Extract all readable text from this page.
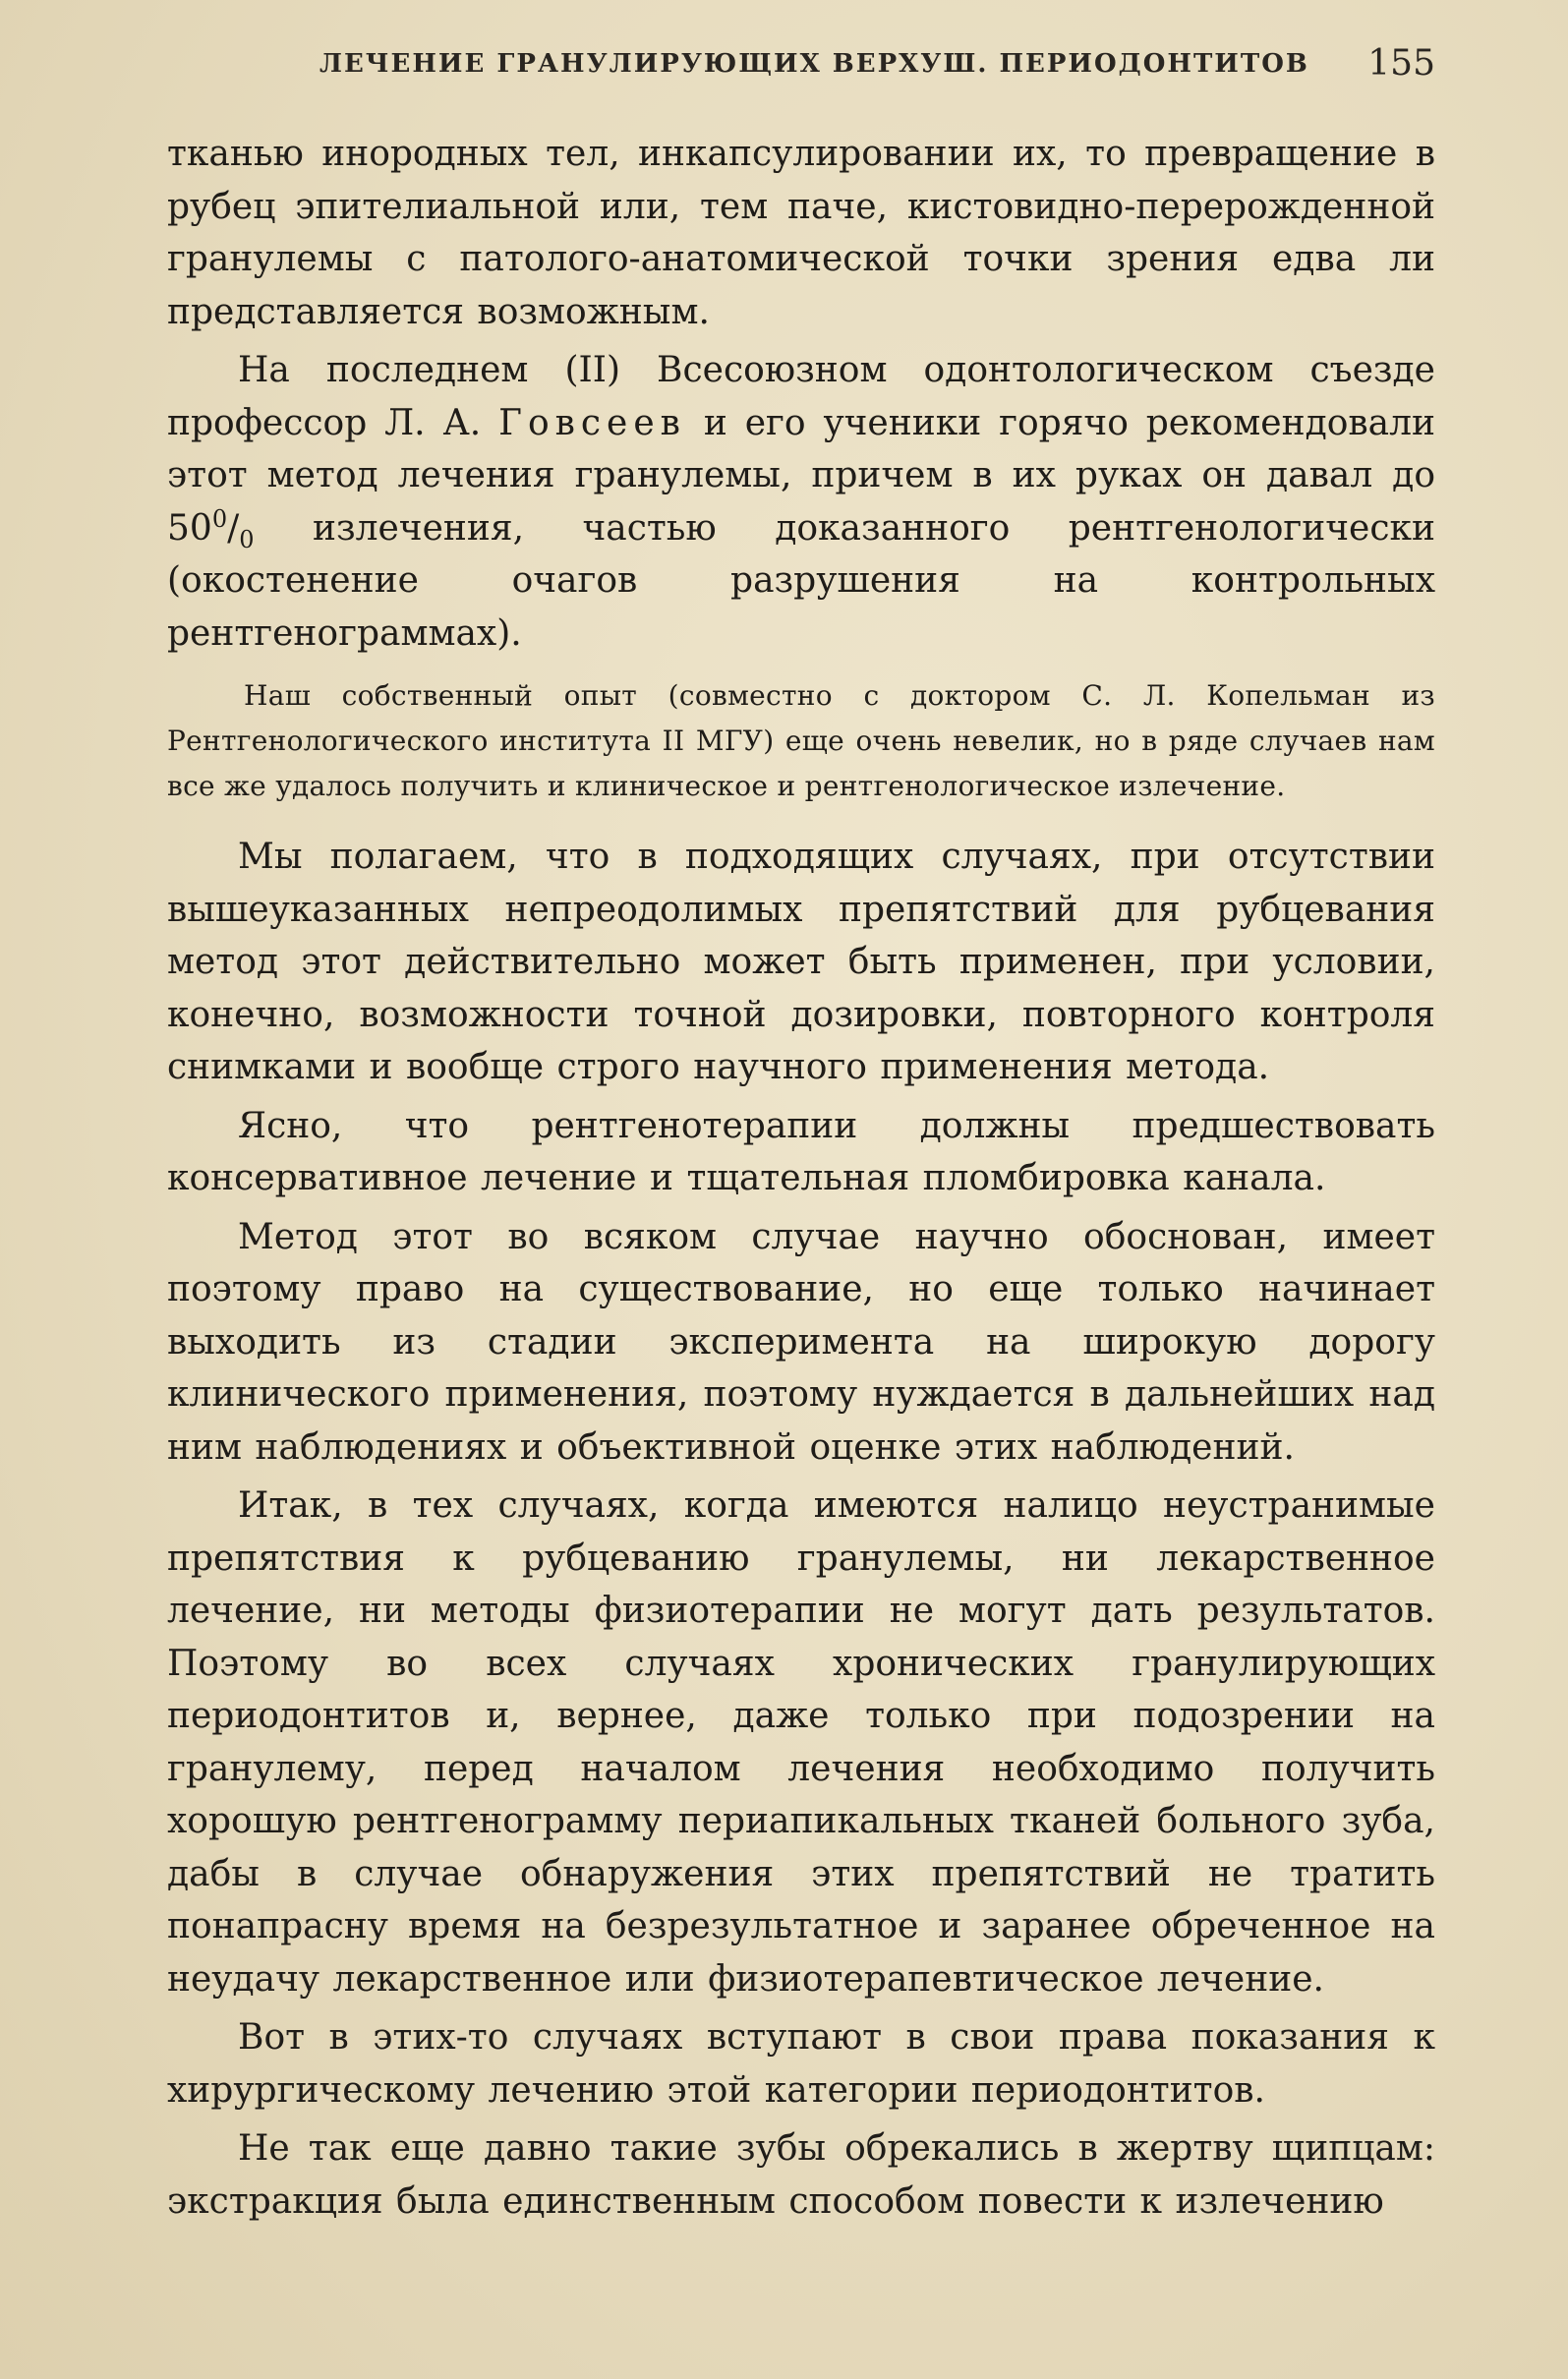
ЛЕЧЕНИЕ ГРАНУЛИРУЮЩИХ ВЕРХУШ. ПЕРИОДОНТИТОВ 155

тканью инородных тел, инкапсулировании их, то превращение в рубец эпителиальной или, тем паче, кистовидно-перерожденной гранулемы с патолого-анатомической точки зрения едва ли представляется возможным.

На последнем (II) Всесоюзном одонтологическом съезде профессор Л. А. Говсеев и его ученики горячо рекомендовали этот метод лечения гранулемы, причем в их руках он давал до $50^0/_0$ излечения, частью доказанного рентгенологически (окостенение очагов разрушения на контрольных рентгенограммах).

Наш собственный опыт (совместно с доктором С. Л. Копельман из Рентгенологического института II МГУ) еще очень невелик, но в ряде случаев нам все же удалось получить и клиническое и рентгенологическое излечение.

Мы полагаем, что в подходящих случаях, при отсутствии вышеуказанных непреодолимых препятствий для рубцевания метод этот действительно может быть применен, при условии, конечно, возможности точной дозировки, повторного контроля снимками и вообще строго научного применения метода.

Ясно, что рентгенотерапии должны предшествовать консервативное лечение и тщательная пломбировка канала.

Метод этот во всяком случае научно обоснован, имеет поэтому право на существование, но еще только начинает выходить из стадии эксперимента на широкую дорогу клинического применения, поэтому нуждается в дальнейших над ним наблюдениях и объективной оценке этих наблюдений.

Итак, в тех случаях, когда имеются налицо неустранимые препятствия к рубцеванию гранулемы, ни лекарственное лечение, ни методы физиотерапии не могут дать результатов. Поэтому во всех случаях хронических гранулирующих периодонтитов и, вернее, даже только при подозрении на гранулему, перед началом лечения необходимо получить хорошую рентгенограмму периапикальных тканей больного зуба, дабы в случае обнаружения этих препятствий не тратить понапрасну время на безрезультатное и заранее обреченное на неудачу лекарственное или физиотерапевтическое лечение.

Вот в этих-то случаях вступают в свои права показания к хирургическому лечению этой категории периодонтитов.

Не так еще давно такие зубы обрекались в жертву щипцам: экстракция была единственным способом повести к излечению
